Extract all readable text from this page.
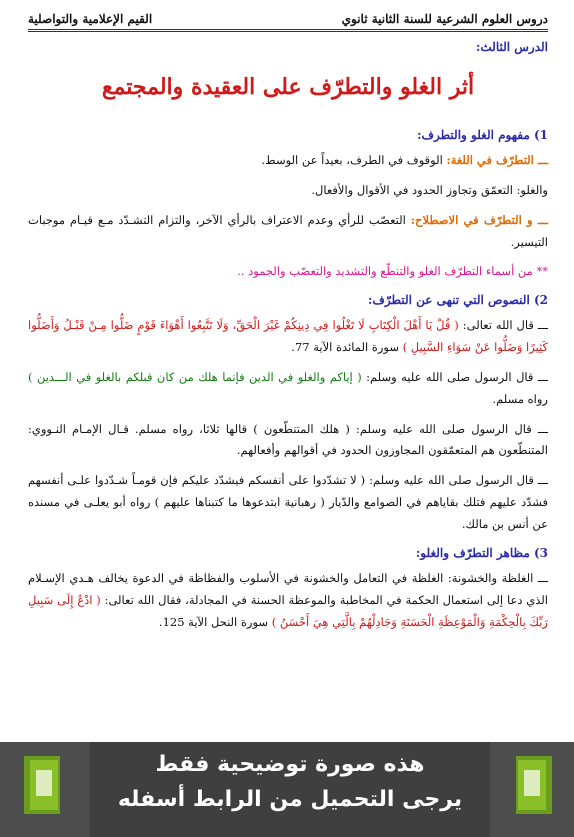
دروس العلوم الشرعية للسنة الثانية ثانوي
القيم الإعلامية والتواصلية
الدرس الثالث:
أثر الغلو والتطرّف على العقيدة والمجتمع
1) مفهوم الغلو والتطرف:

ـــ التطرّف في اللغة: الوقوف في الطرف، بعيداً عن الوسط.

والغلو: التعمّق وتجاوز الحدود في الأقوال والأفعال.

ـــ و التطرّف في الاصطلاح: التعصّب للرأي وعدم الاعتراف بالرأي الآخر، والتزام التشـدّد مـع قيـام موجبات التيسير.

** من أسماء التطرّف الغلو والتنطّع والتشديد والتعصّب والجمود ..

2) النصوص التي تنهى عن التطرّف:

ـــ قال الله تعالى: ( قُلْ يَا أَهْلَ الْكِتَابِ لَا تَغْلُوا فِي دِينِكُمْ غَيْرَ الْحَقِّ، وَلَا تَتَّبِعُوا أَهْوَاءَ قَوْمٍ ضَلُّوا مِـنْ قَبْـلُ وَأَضَلُّوا كَثِيرًا وَضَلُّوا عَنْ سَوَاءِ السَّبِيلِ ) سورة المائدة الآية 77.

ـــ قال الرسول صلى الله عليه وسلم: ( إياكم والغلو في الدين فإنما هلك من كان قبلكم بالغلو في الـــدين ) رواه مسلم.

ـــ قال الرسول صلى الله عليه وسلم: ( هلك المتنطّعون ) قالها ثلاثا، رواه مسلم. قـال الإمـام النـووي: المتنطّعون هم المتعمّقون المجاوزون الحدود في أقوالهم وأفعالهم.

ـــ قال الرسول صلى الله عليه وسلم: ( لا تشدّدوا على أنفسكم فيشدّد عليكم فإن قومـاً شـدّدوا علـى أنفسهم فشدّد عليهم فتلك بقاياهم في الصوامع والدّيار ( رهبانية ابتدعوها ما كتبناها عليهم ) رواه أبو يعلـى في مسنده عن أنس بن مالك.

3) مظاهر التطرّف والغلو:

ـــ الغلظة والخشونة: الغلظة في التعامل والخشونة في الأسلوب والفظاظة في الدعوة يخالف هـدي الإسـلام الذي دعا إلى استعمال الحكمة في المخاطبة والموعظة الحسنة في المجادلة، فقال الله تعالى: ( ادْعُ إِلَى سَبِيلِ رَبِّكَ بِالْحِكْمَةِ وَالْمَوْعِظَةِ الْحَسَنَةِ وَجَادِلْهُمْ بِالَّتِي هِيَ أَحْسَنُ ) سورة النحل الآية 125.

هذه صورة توضيحية فقط
يرجى التحميل من الرابط أسفله
